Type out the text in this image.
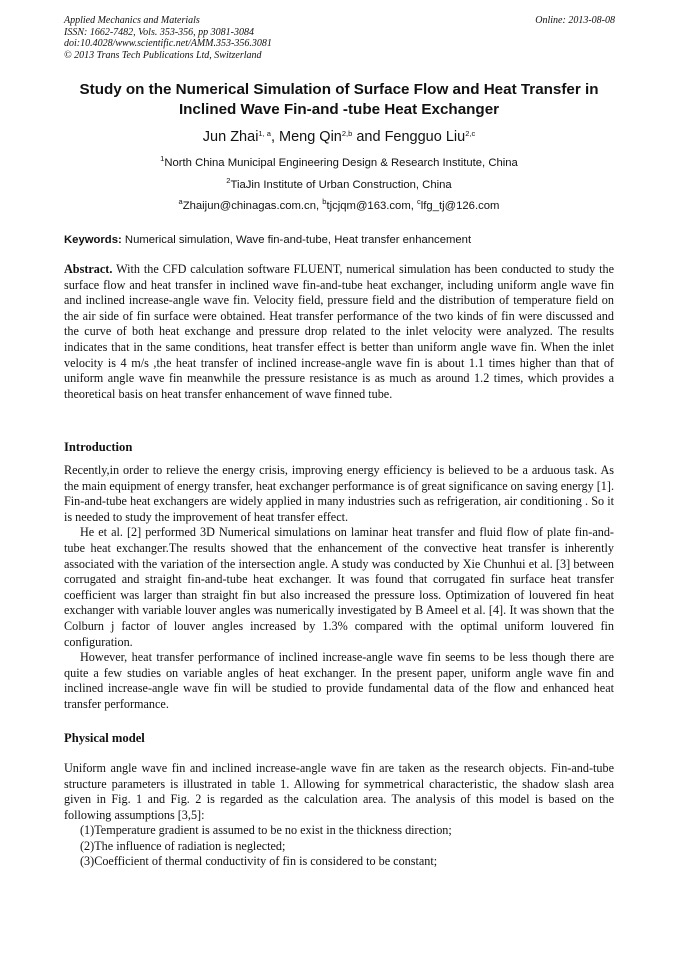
Applied Mechanics and Materials
ISSN: 1662-7482, Vols. 353-356, pp 3081-3084
doi:10.4028/www.scientific.net/AMM.353-356.3081
© 2013 Trans Tech Publications Ltd, Switzerland
Online: 2013-08-08
Study on the Numerical Simulation of Surface Flow and Heat Transfer in
Inclined Wave Fin-and -tube Heat Exchanger
Jun Zhai$^{1, a}$, Meng Qin$^{2,b}$ and Fengguo Liu$^{2,c}$
$^1$North China Municipal Engineering Design & Research Institute, China
$^2$TiaJin Institute of Urban Construction, China
$^a$Zhaijun@chinagas.com.cn, $^b$tjcjqm@163.com, $^c$lfg_tj@126.com
Keywords: Numerical simulation, Wave fin-and-tube, Heat transfer enhancement

Abstract. With the CFD calculation software FLUENT, numerical simulation has been conducted to study the surface flow and heat transfer in inclined wave fin-and-tube heat exchanger, including uniform angle wave fin and inclined increase-angle wave fin. Velocity field, pressure field and the distribution of temperature field on the air side of fin surface were obtained. Heat transfer performance of the two kinds of fin were discussed and the curve of both heat exchange and pressure drop related to the inlet velocity were analyzed. The results indicates that in the same conditions, heat transfer effect is better than uniform angle wave fin. When the inlet velocity is 4 m/s ,the heat transfer of inclined increase-angle wave fin is about 1.1 times higher than that of uniform angle wave fin meanwhile the pressure resistance is as much as around 1.2 times, which provides a theoretical basis on heat transfer enhancement of wave finned tube.

Introduction

Recently,in order to relieve the energy crisis, improving energy efficiency is believed to be a arduous task. As the main equipment of energy transfer, heat exchanger performance is of great significance on saving energy [1]. Fin-and-tube heat exchangers are widely applied in many industries such as refrigeration, air conditioning . So it is needed to study the improvement of heat transfer effect.

He et al. [2] performed 3D Numerical simulations on laminar heat transfer and fluid flow of plate fin-and-tube heat exchanger.The results showed that the enhancement of the convective heat transfer is inherently associated with the variation of the intersection angle. A study was conducted by Xie Chunhui et al. [3] between corrugated and straight fin-and-tube heat exchanger. It was found that corrugated fin surface heat transfer coefficient was larger than straight fin but also increased the pressure loss. Optimization of louvered fin heat exchanger with variable louver angles was numerically investigated by B Ameel et al. [4]. It was shown that the Colburn j factor of louver angles increased by 1.3% compared with the optimal uniform louvered fin configuration.

However, heat transfer performance of inclined increase-angle wave fin seems to be less though there are quite a few studies on variable angles of heat exchanger. In the present paper, uniform angle wave fin and inclined increase-angle wave fin will be studied to provide fundamental data of the flow and enhanced heat transfer performance.

Physical model

Uniform angle wave fin and inclined increase-angle wave fin are taken as the research objects. Fin-and-tube structure parameters is illustrated in table 1. Allowing for symmetrical characteristic, the shadow slash area given in Fig. 1 and Fig. 2 is regarded as the calculation area. The analysis of this model is based on the following assumptions [3,5]:

(1)Temperature gradient is assumed to be no exist in the thickness direction;
(2)The influence of radiation is neglected;
(3)Coefficient of thermal conductivity of fin is considered to be constant;
